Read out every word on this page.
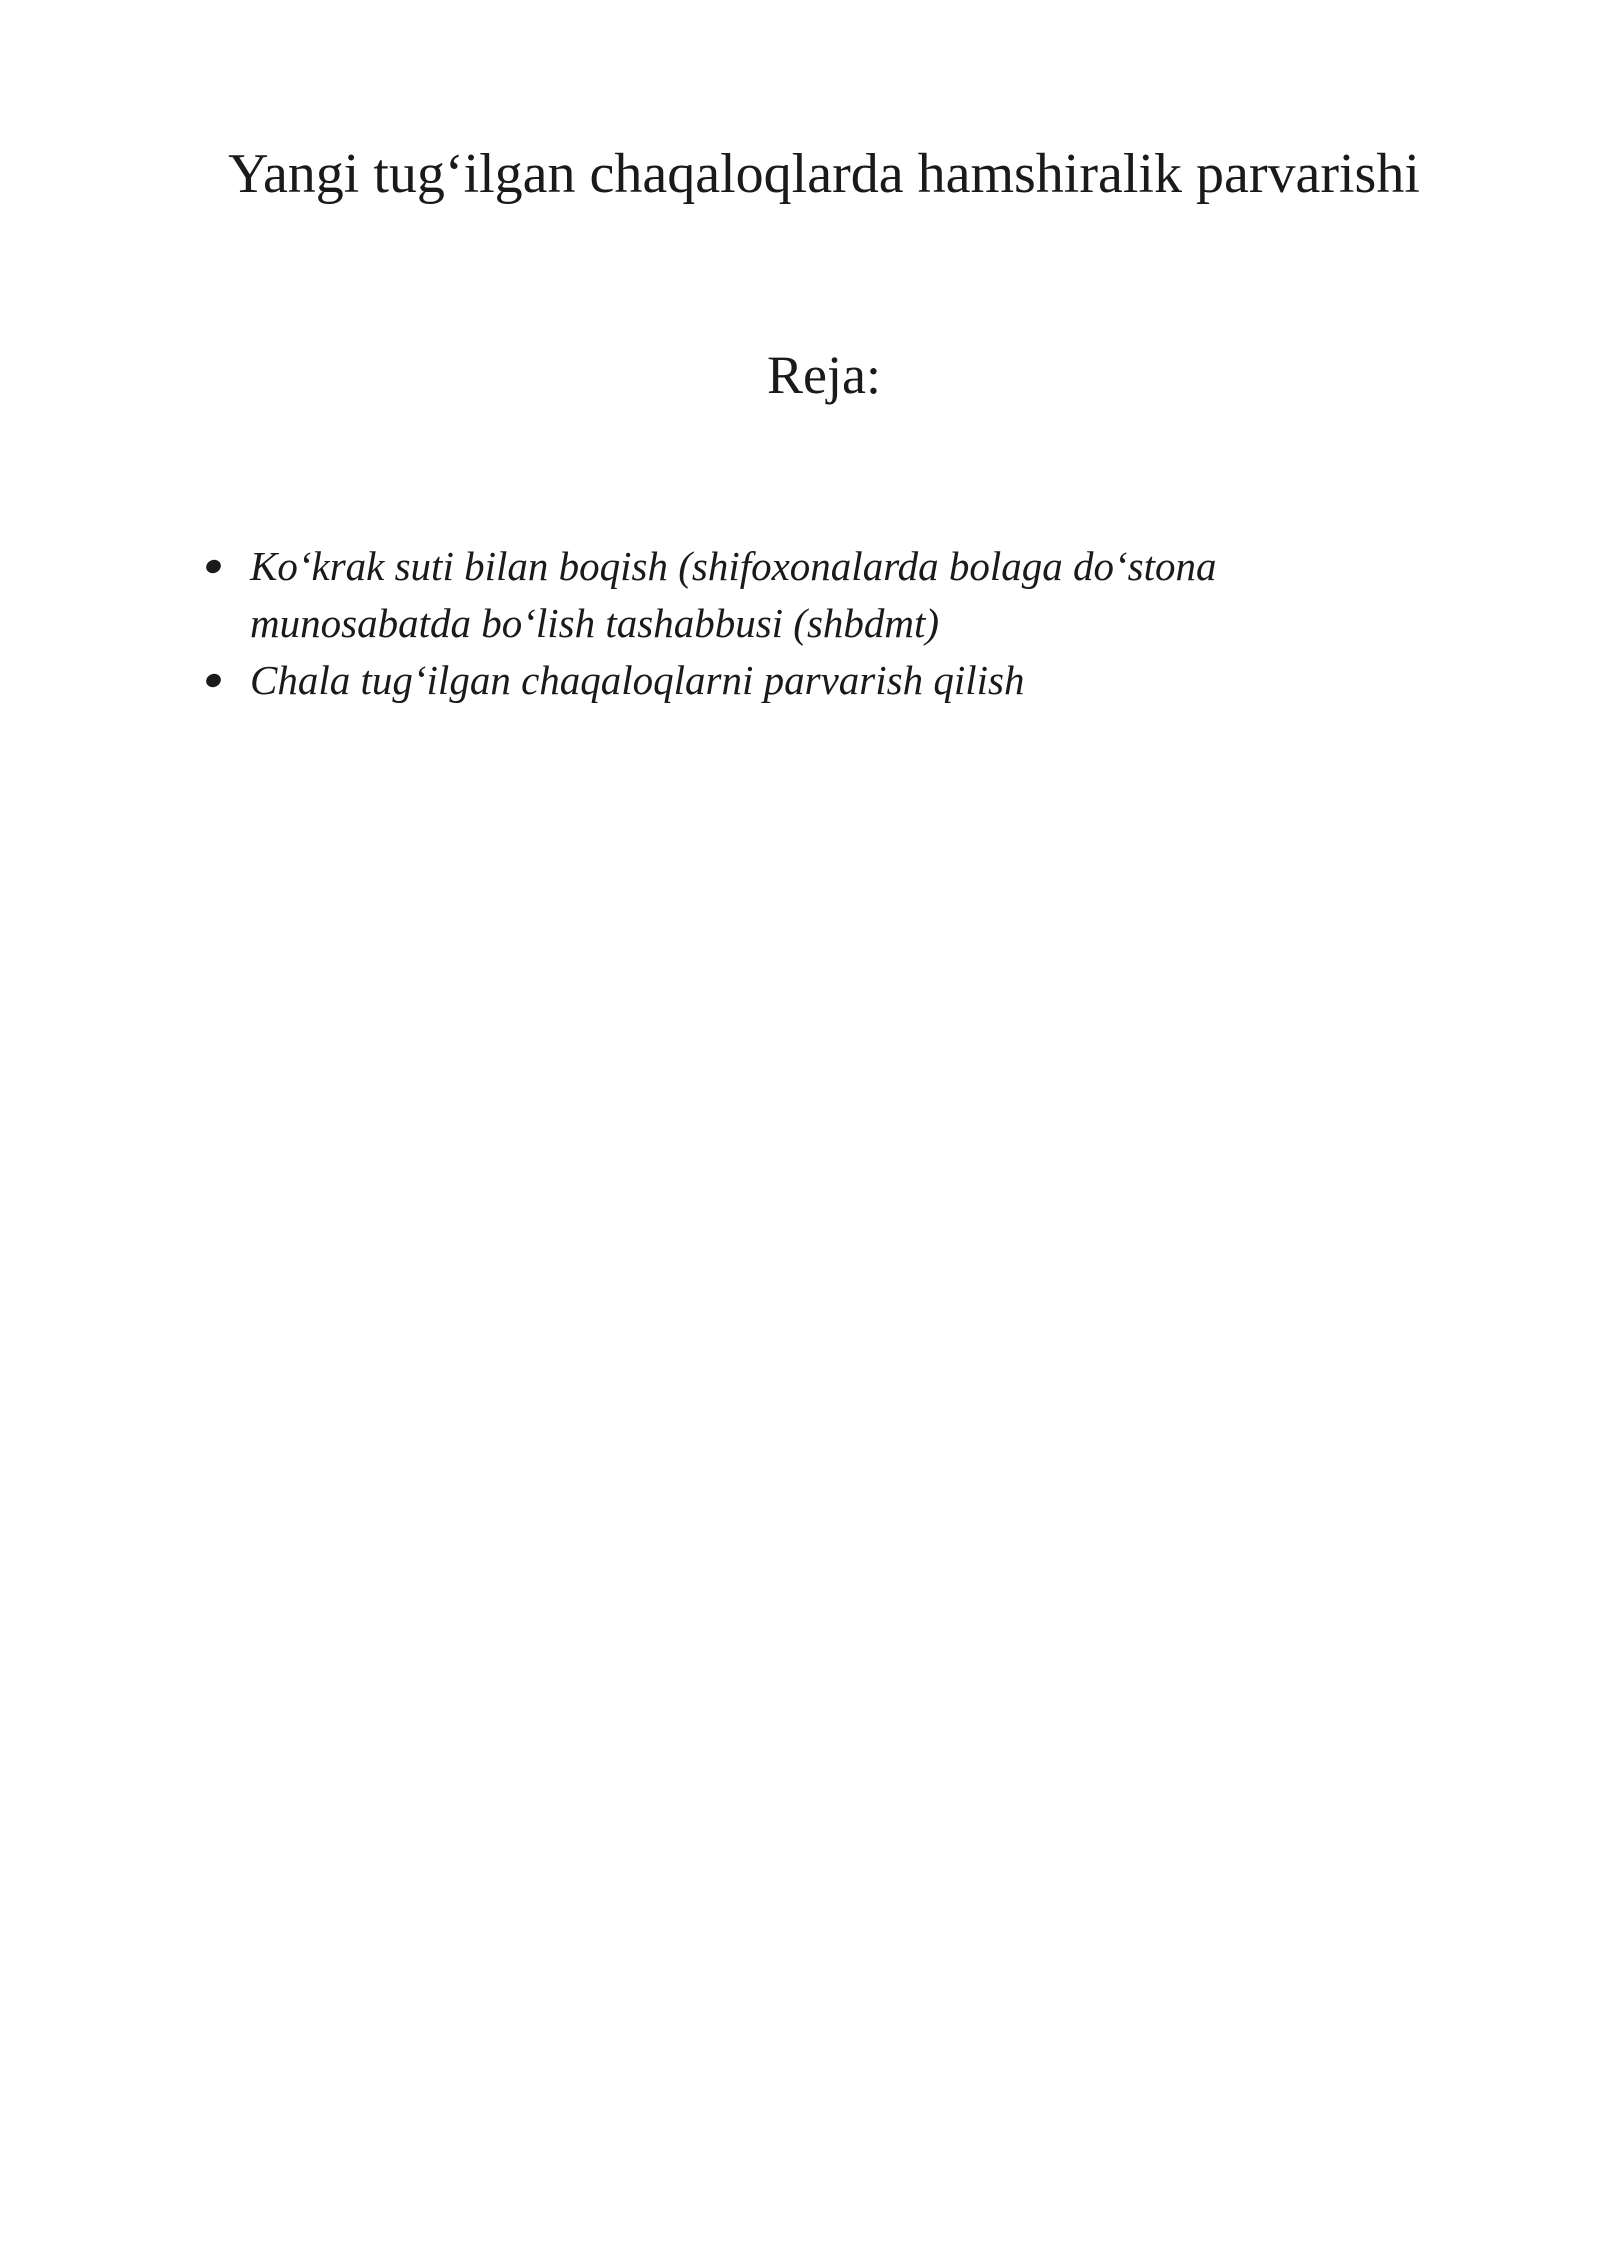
Yangi tug‘ilgan chaqaloqlarda hamshiralik parvarishi
Reja:
Ko‘krak suti bilan boqish (shifoxonalarda bolaga do‘stona munosabatda bo‘lish tashabbusi (shbdmt)
Chala tug‘ilgan chaqaloqlarni parvarish qilish
